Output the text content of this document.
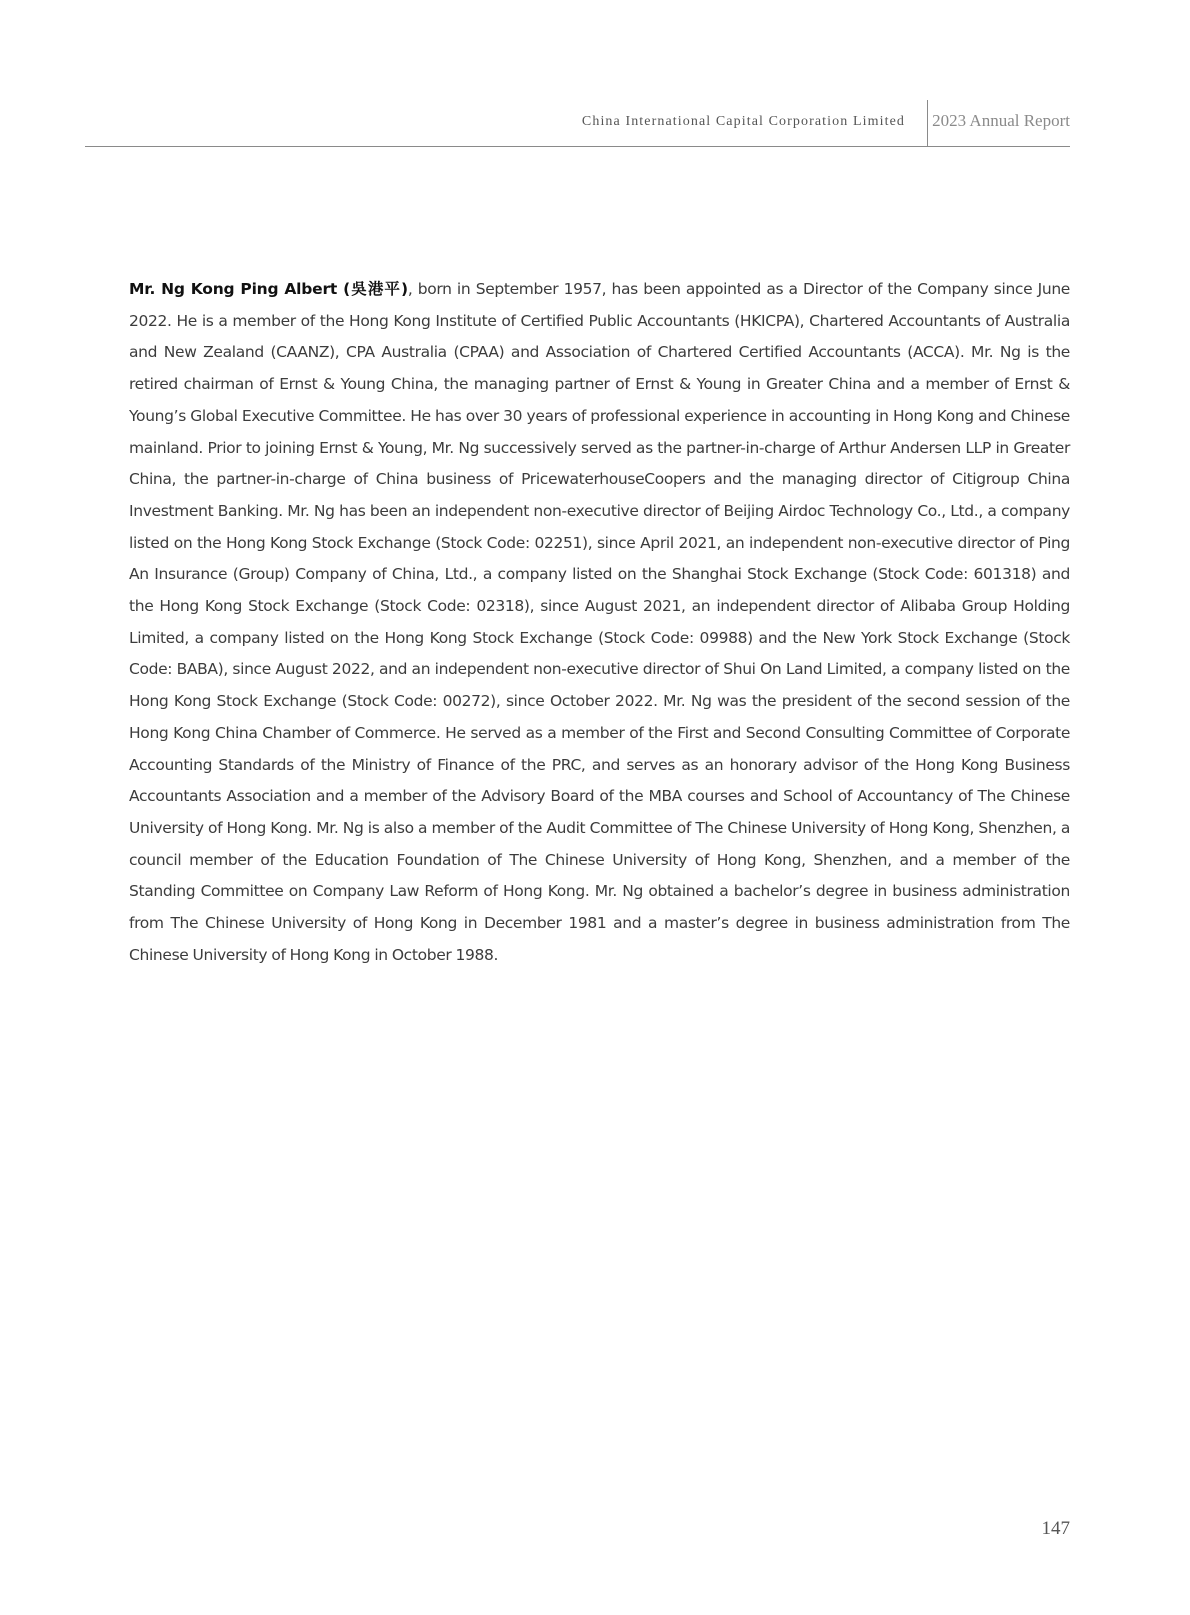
China International Capital Corporation Limited 2023 Annual Report

Mr. Ng Kong Ping Albert (吳港平), born in September 1957, has been appointed as a Director of the Company since June 2022. He is a member of the Hong Kong Institute of Certified Public Accountants (HKICPA), Chartered Accountants of Australia and New Zealand (CAANZ), CPA Australia (CPAA) and Association of Chartered Certified Accountants (ACCA). Mr. Ng is the retired chairman of Ernst & Young China, the managing partner of Ernst & Young in Greater China and a member of Ernst & Young’s Global Executive Committee. He has over 30 years of professional experience in accounting in Hong Kong and Chinese mainland. Prior to joining Ernst & Young, Mr. Ng successively served as the partner-in-charge of Arthur Andersen LLP in Greater China, the partner-in-charge of China business of PricewaterhouseCoopers and the managing director of Citigroup China Investment Banking. Mr. Ng has been an independent non-executive director of Beijing Airdoc Technology Co., Ltd., a company listed on the Hong Kong Stock Exchange (Stock Code: 02251), since April 2021, an independent non-executive director of Ping An Insurance (Group) Company of China, Ltd., a company listed on the Shanghai Stock Exchange (Stock Code: 601318) and the Hong Kong Stock Exchange (Stock Code: 02318), since August 2021, an independent director of Alibaba Group Holding Limited, a company listed on the Hong Kong Stock Exchange (Stock Code: 09988) and the New York Stock Exchange (Stock Code: BABA), since August 2022, and an independent non-executive director of Shui On Land Limited, a company listed on the Hong Kong Stock Exchange (Stock Code: 00272), since October 2022. Mr. Ng was the president of the second session of the Hong Kong China Chamber of Commerce. He served as a member of the First and Second Consulting Committee of Corporate Accounting Standards of the Ministry of Finance of the PRC, and serves as an honorary advisor of the Hong Kong Business Accountants Association and a member of the Advisory Board of the MBA courses and School of Accountancy of The Chinese University of Hong Kong. Mr. Ng is also a member of the Audit Committee of The Chinese University of Hong Kong, Shenzhen, a council member of the Education Foundation of The Chinese University of Hong Kong, Shenzhen, and a member of the Standing Committee on Company Law Reform of Hong Kong. Mr. Ng obtained a bachelor’s degree in business administration from The Chinese University of Hong Kong in December 1981 and a master’s degree in business administration from The Chinese University of Hong Kong in October 1988.

147
